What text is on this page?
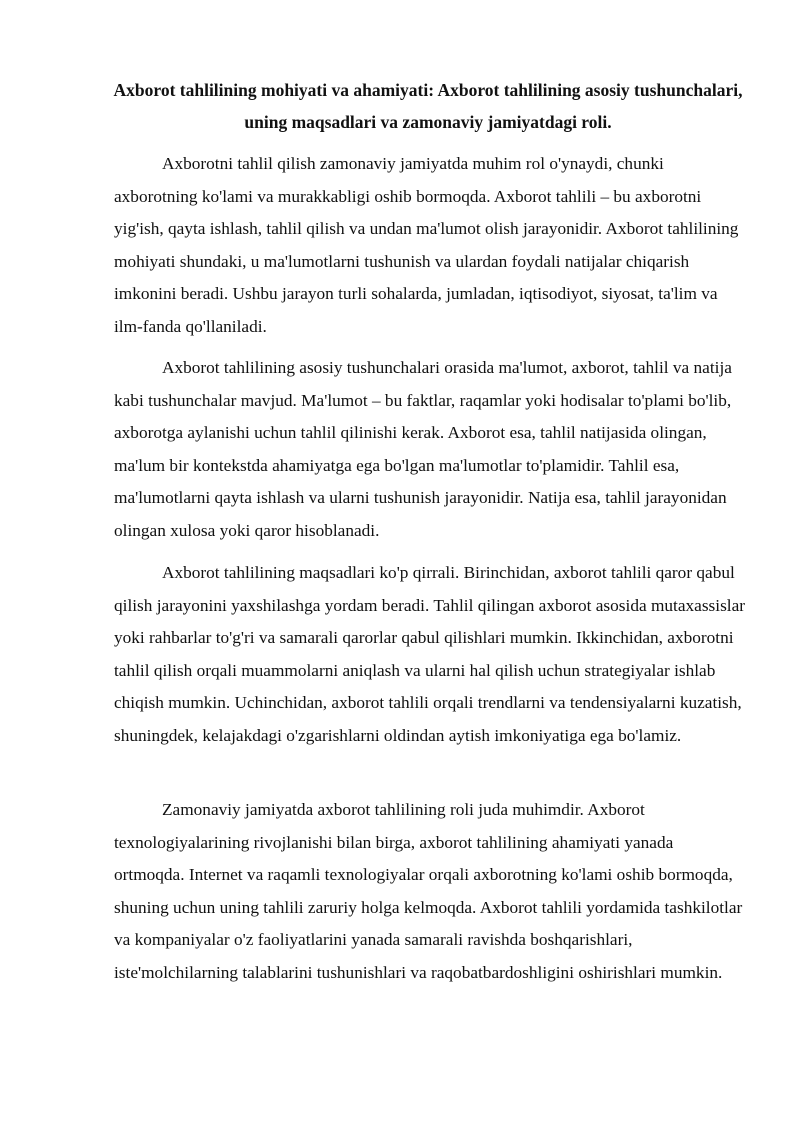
Axborot tahlilining mohiyati va ahamiyati: Axborot tahlilining asosiy tushunchalari, uning maqsadlari va zamonaviy jamiyatdagi roli.

Axborotni tahlil qilish zamonaviy jamiyatda muhim rol o'ynaydi, chunki axborotning ko'lami va murakkabligi oshib bormoqda. Axborot tahlili – bu axborotni yig'ish, qayta ishlash, tahlil qilish va undan ma'lumot olish jarayonidir. Axborot tahlilining mohiyati shundaki, u ma'lumotlarni tushunish va ulardan foydali natijalar chiqarish imkonini beradi. Ushbu jarayon turli sohalarda, jumladan, iqtisodiyot, siyosat, ta'lim va ilm-fanda qo'llaniladi.

Axborot tahlilining asosiy tushunchalari orasida ma'lumot, axborot, tahlil va natija kabi tushunchalar mavjud. Ma'lumot – bu faktlar, raqamlar yoki hodisalar to'plami bo'lib, axborotga aylanishi uchun tahlil qilinishi kerak. Axborot esa, tahlil natijasida olingan, ma'lum bir kontekstda ahamiyatga ega bo'lgan ma'lumotlar to'plamidir. Tahlil esa, ma'lumotlarni qayta ishlash va ularni tushunish jarayonidir. Natija esa, tahlil jarayonidan olingan xulosa yoki qaror hisoblanadi.

Axborot tahlilining maqsadlari ko'p qirrali. Birinchidan, axborot tahlili qaror qabul qilish jarayonini yaxshilashga yordam beradi. Tahlil qilingan axborot asosida mutaxassislar yoki rahbarlar to'g'ri va samarali qarorlar qabul qilishlari mumkin. Ikkinchidan, axborotni tahlil qilish orqali muammolarni aniqlash va ularni hal qilish uchun strategiyalar ishlab chiqish mumkin. Uchinchidan, axborot tahlili orqali trendlarni va tendensiyalarni kuzatish, shuningdek, kelajakdagi o'zgarishlarni oldindan aytish imkoniyatiga ega bo'lamiz.

Zamonaviy jamiyatda axborot tahlilining roli juda muhimdir. Axborot texnologiyalarining rivojlanishi bilan birga, axborot tahlilining ahamiyati yanada ortmoqda. Internet va raqamli texnologiyalar orqali axborotning ko'lami oshib bormoqda, shuning uchun uning tahlili zaruriy holga kelmoqda. Axborot tahlili yordamida tashkilotlar va kompaniyalar o'z faoliyatlarini yanada samarali ravishda boshqarishlari, iste'molchilarning talablarini tushunishlari va raqobatbardoshligini oshirishlari mumkin.
